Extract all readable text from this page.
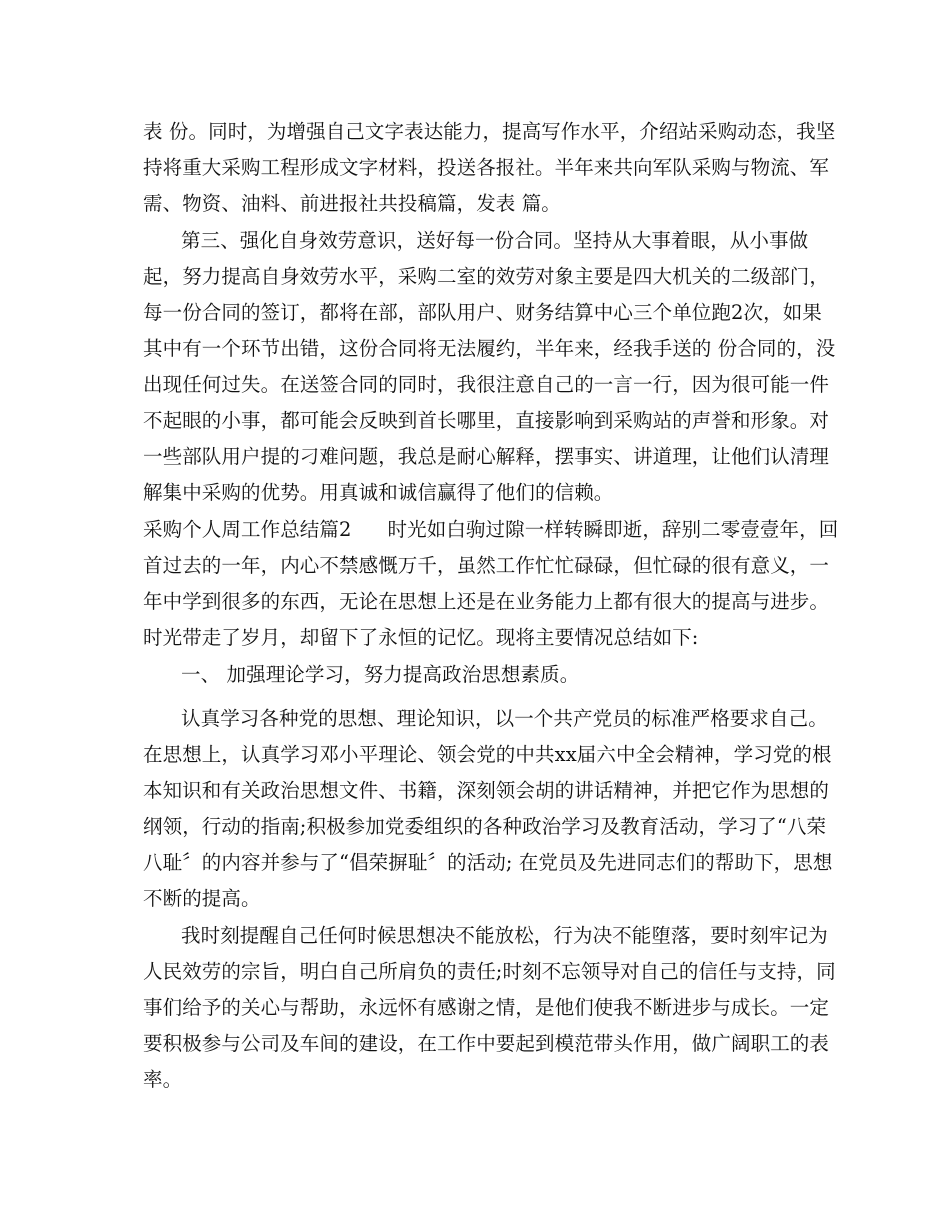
表 份。同时，为增强自己文字表达能力，提高写作水平，介绍站采购动态，我坚
持将重大采购工程形成文字材料，投送各报社。半年来共向军队采购与物流、军
需、物资、油料、前进报社共投稿篇，发表 篇。
第三、强化自身效劳意识，送好每一份合同。坚持从大事着眼，从小事做
起，努力提高自身效劳水平，采购二室的效劳对象主要是四大机关的二级部门，
每一份合同的签订，都将在部，部队用户、财务结算中心三个单位跑2次，如果
其中有一个环节出错，这份合同将无法履约，半年来，经我手送的 份合同的，没
出现任何过失。在送签合同的同时，我很注意自己的一言一行，因为很可能一件
不起眼的小事，都可能会反映到首长哪里，直接影响到采购站的声誉和形象。对
一些部队用户提的刁难问题，我总是耐心解释，摆事实、讲道理，让他们认清理
解集中采购的优势。用真诚和诚信赢得了他们的信赖。
采购个人周工作总结篇2 时光如白驹过隙一样转瞬即逝，辞别二零壹壹年，回
首过去的一年，内心不禁感慨万千，虽然工作忙忙碌碌，但忙碌的很有意义，一
年中学到很多的东西，无论在思想上还是在业务能力上都有很大的提高与进步。
时光带走了岁月，却留下了永恒的记忆。现将主要情况总结如下:
一、 加强理论学习，努力提高政治思想素质。
认真学习各种党的思想、理论知识，以一个共产党员的标准严格要求自己。
在思想上，认真学习邓小平理论、领会党的中共xx届六中全会精神，学习党的根
本知识和有关政治思想文件、书籍，深刻领会胡的讲话精神，并把它作为思想的
纲领，行动的指南;积极参加党委组织的各种政治学习及教育活动，学习了“八荣
八耻〞的内容并参与了“倡荣摒耻〞的活动; 在党员及先进同志们的帮助下，思想
不断的提高。
我时刻提醒自己任何时候思想决不能放松，行为决不能堕落，要时刻牢记为
人民效劳的宗旨，明白自己所肩负的责任;时刻不忘领导对自己的信任与支持，同
事们给予的关心与帮助，永远怀有感谢之情，是他们使我不断进步与成长。一定
要积极参与公司及车间的建设，在工作中要起到模范带头作用，做广阔职工的表
率。
